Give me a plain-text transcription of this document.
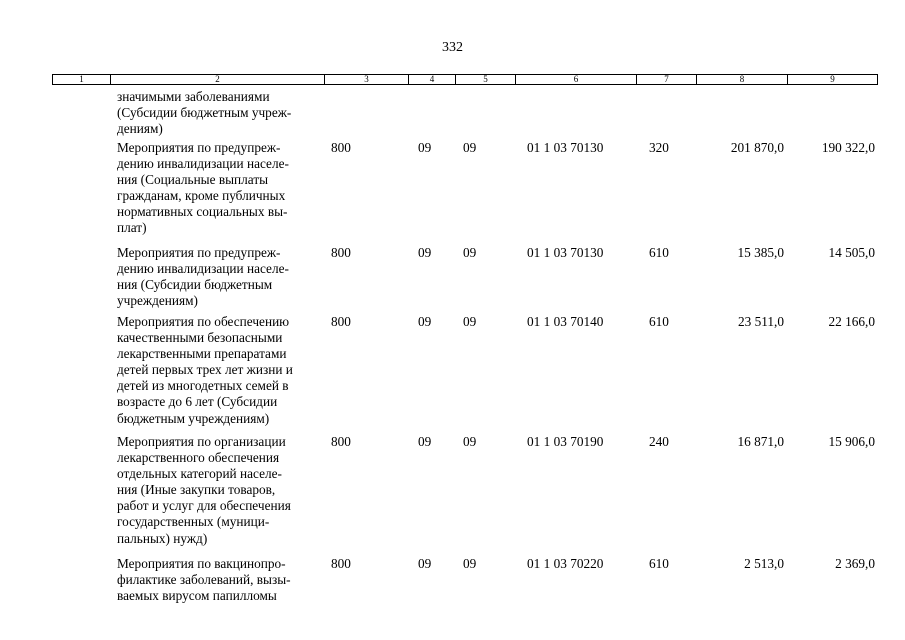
332
1	2	3	4	5	6	7	8	9
значимыми заболеваниями
(Субсидии бюджетным учреж-
дениям)
Мероприятия по предупреж-
дению инвалидизации населе-
ния (Социальные выплаты
гражданам, кроме публичных
нормативных социальных вы-
плат)
800	09 09	01 1 03 70130	320	201 870,0	190 322,0
Мероприятия по предупреж-
дению инвалидизации населе-
ния (Субсидии бюджетным
учреждениям)
800	09 09	01 1 03 70130	610	15 385,0	14 505,0
Мероприятия по обеспечению
качественными безопасными
лекарственными препаратами
детей первых трех лет жизни и
детей из многодетных семей в
возрасте до 6 лет (Субсидии
бюджетным учреждениям)
800	09 09	01 1 03 70140	610	23 511,0	22 166,0
Мероприятия по организации
лекарственного обеспечения
отдельных категорий населе-
ния (Иные закупки товаров,
работ и услуг для обеспечения
государственных (муници-
пальных) нужд)
800	09 09	01 1 03 70190	240	16 871,0	15 906,0
Мероприятия по вакцинопро-
филактике заболеваний, вызы-
ваемых вирусом папилломы
800	09 09	01 1 03 70220	610	2 513,0	2 369,0
